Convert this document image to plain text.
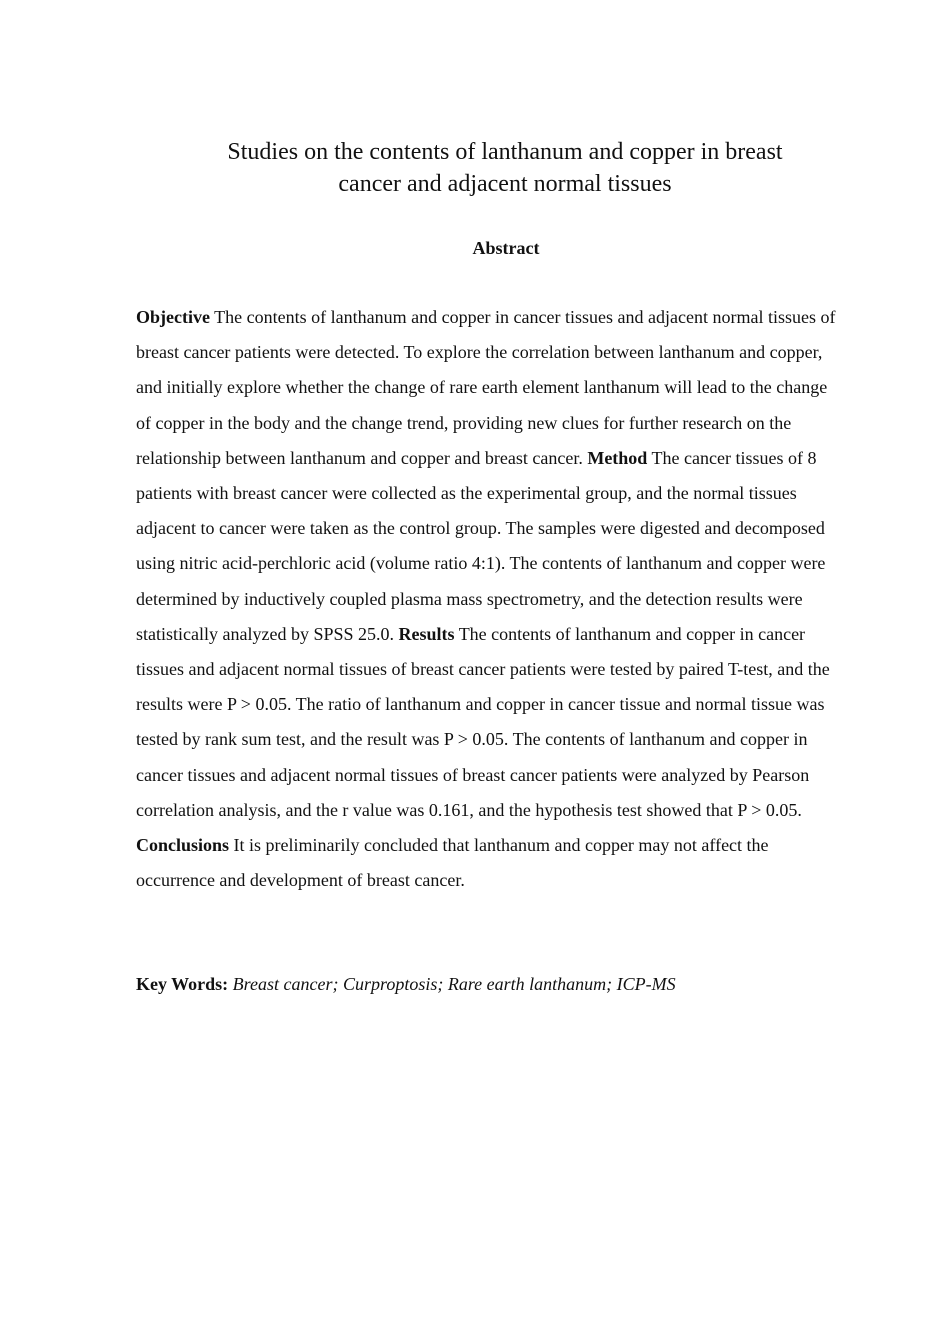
Studies on the contents of lanthanum and copper in breast
cancer and adjacent normal tissues
Abstract

Objective The contents of lanthanum and copper in cancer tissues and adjacent normal tissues of breast cancer patients were detected. To explore the correlation between lanthanum and copper, and initially explore whether the change of rare earth element lanthanum will lead to the change of copper in the body and the change trend, providing new clues for further research on the relationship between lanthanum and copper and breast cancer. Method The cancer tissues of 8 patients with breast cancer were collected as the experimental group, and the normal tissues adjacent to cancer were taken as the control group. The samples were digested and decomposed using nitric acid-perchloric acid (volume ratio 4:1). The contents of lanthanum and copper were determined by inductively coupled plasma mass spectrometry, and the detection results were statistically analyzed by SPSS 25.0. Results The contents of lanthanum and copper in cancer tissues and adjacent normal tissues of breast cancer patients were tested by paired T-test, and the results were P > 0.05. The ratio of lanthanum and copper in cancer tissue and normal tissue was tested by rank sum test, and the result was P > 0.05. The contents of lanthanum and copper in cancer tissues and adjacent normal tissues of breast cancer patients were analyzed by Pearson correlation analysis, and the r value was 0.161, and the hypothesis test showed that P > 0.05. Conclusions It is preliminarily concluded that lanthanum and copper may not affect the occurrence and development of breast cancer.

Key Words: Breast cancer; Curproptosis; Rare earth lanthanum; ICP-MS
